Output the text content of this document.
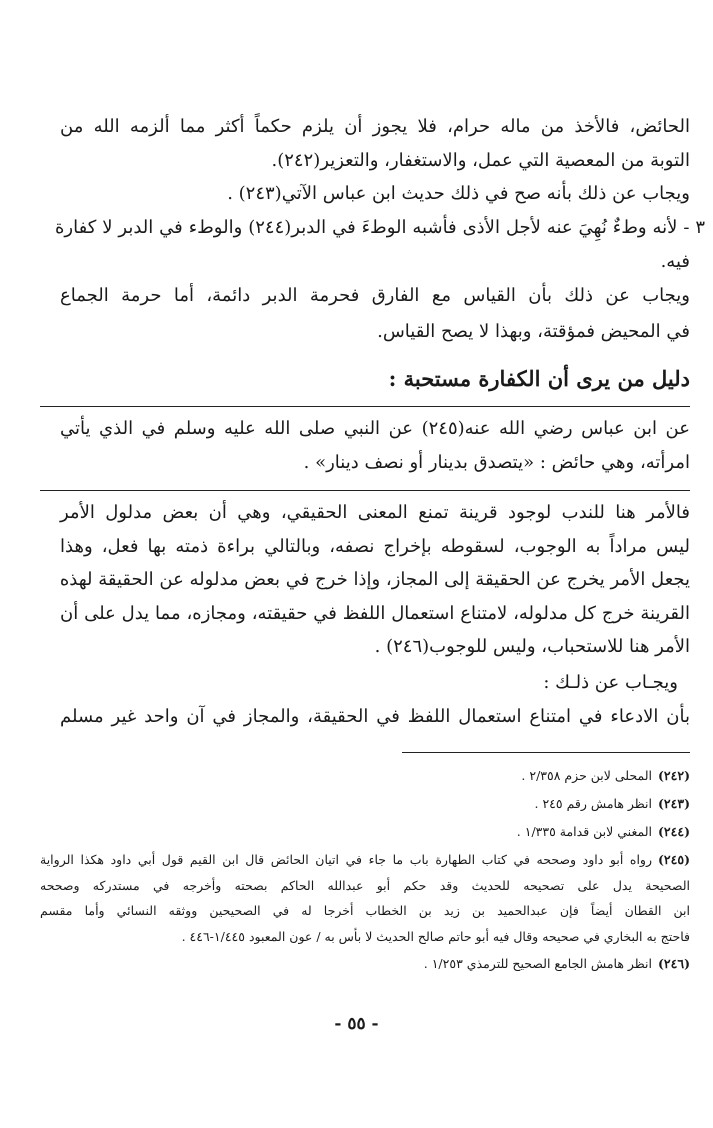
الحائض، فالأخذ من ماله حرام، فلا يجوز أن يلزم حكماً أكثر مما ألزمه الله من
التوبة من المعصية التي عمل، والاستغفار، والتعزير(٢٤٢).
ويجاب عن ذلك بأنه صح في ذلك حديث ابن عباس الآتي(٢٤٣) .
٣ - لأنه وطءٌ نُهِيَ عنه لأجل الأذى فأشبه الوطءَ في الدبر(٢٤٤) والوطء في الدبر لا كفارة
فيه.
ويجاب عن ذلك بأن القياس مع الفارق فحرمة الدبر دائمة، أما حرمة الجماع
في المحيض فمؤقتة، وبهذا لا يصح القياس.
دليل من يرى أن الكفارة مستحبة :
عن ابن عباس رضي الله عنه(٢٤٥) عن النبي صلى الله عليه وسلم في الذي يأتي
امرأته، وهي حائض : «يتصدق بدينار أو نصف دينار» .
فالأمر هنا للندب لوجود قرينة تمنع المعنى الحقيقي، وهي أن بعض مدلول الأمر
ليس مراداً به الوجوب، لسقوطه بإخراج نصفه، وبالتالي براءة ذمته بها فعل، وهذا
يجعل الأمر يخرج عن الحقيقة إلى المجاز، وإذا خرج في بعض مدلوله عن الحقيقة لهذه
القرينة خرج كل مدلوله، لامتناع استعمال اللفظ في حقيقته، ومجازه، مما يدل على أن
الأمر هنا للاستحباب، وليس للوجوب(٢٤٦) .
ويجـاب عن ذلـك :
بأن الادعاء في امتناع استعمال اللفظ في الحقيقة، والمجاز في آن واحد غير مسلم
(٢٤٢)المحلى لابن حزم ٢/٣٥٨ .
(٢٤٣)انظر هامش رقم ٢٤٥ .
(٢٤٤)المغني لابن قدامة ١/٣٣٥ .
(٢٤٥)رواه أبو داود وصححه في كتاب الطهارة باب ما جاء في اتيان الحائض قال ابن القيم قول أبي داود هكذا الرواية
الصحيحة يدل على تصحيحه للحديث وقد حكم أبو عبدالله الحاكم بصحته وأخرجه في مستدركه وصححه
ابن القطان أيضاً فإن عبدالحميد بن زيد بن الخطاب أخرجا له في الصحيحين ووثقه النسائي وأما مقسم
فاحتج به البخاري في صحيحه وقال فيه أبو حاتم صالح الحديث لا بأس به / عون المعبود ١/٤٤٥-٤٤٦ .
(٢٤٦)انظر هامش الجامع الصحيح للترمذي ١/٢٥٣ .
- ٥٥ -
